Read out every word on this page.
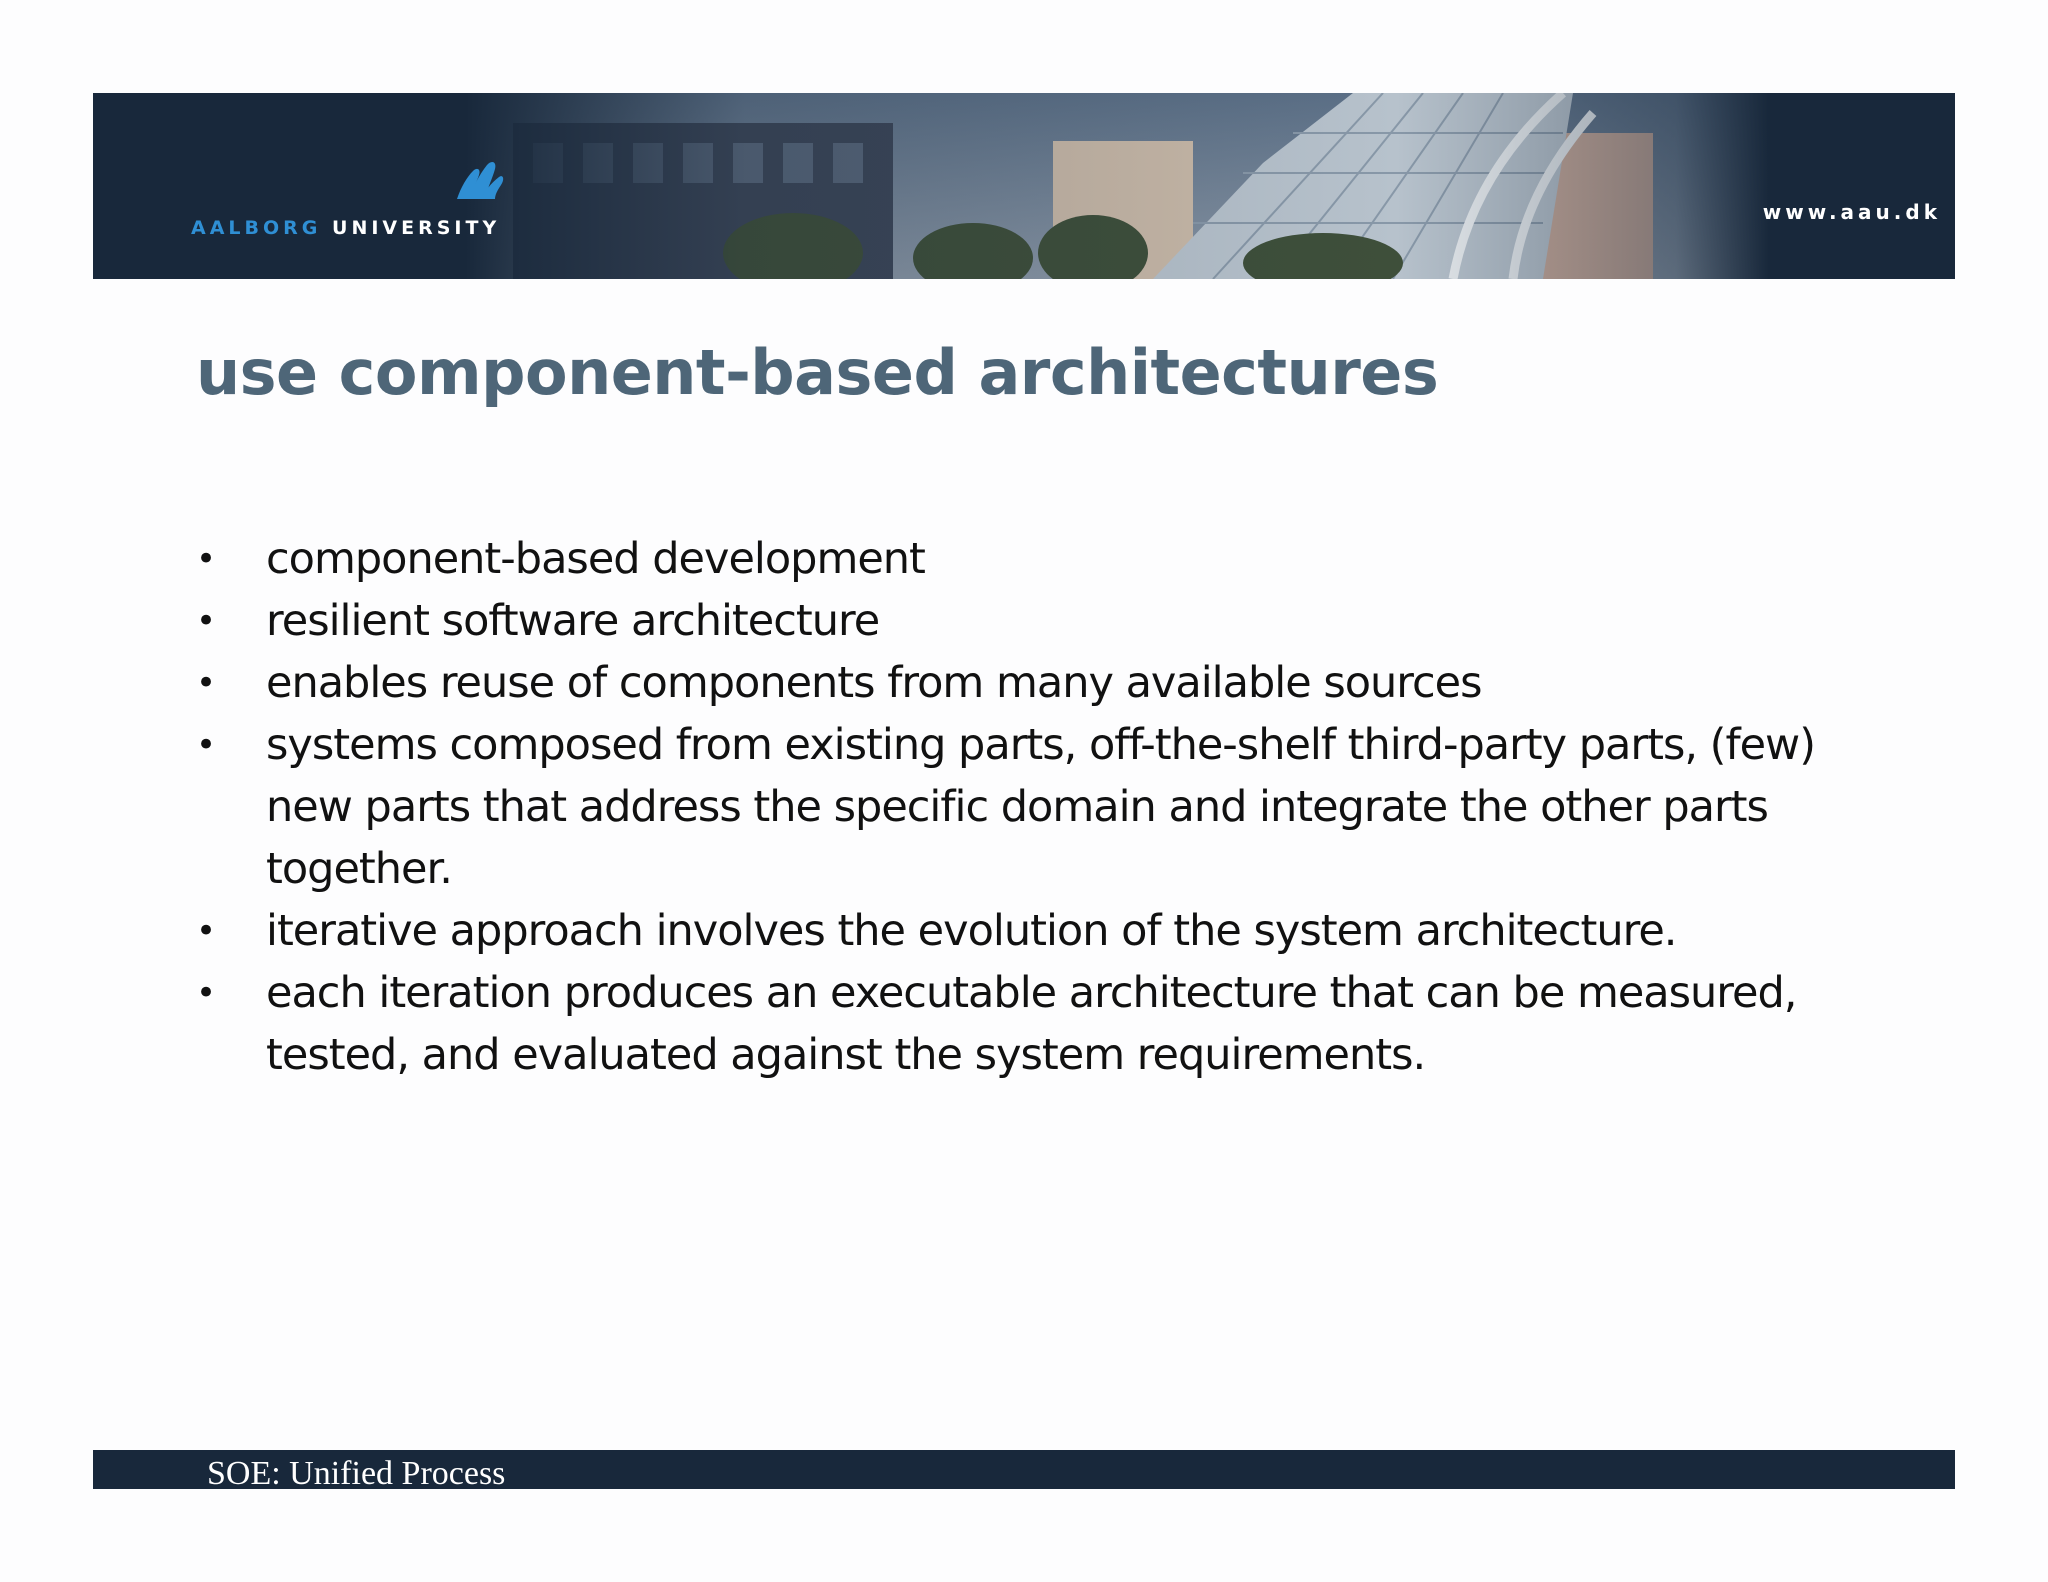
AALBORG UNIVERSITY
www.aau.dk
use component-based architectures
• component-based development
• resilient software architecture
• enables reuse of components from many available sources
• systems composed from existing parts, off-the-shelf third-party parts, (few) new parts that address the specific domain and integrate the other parts together.
• iterative approach involves the evolution of the system architecture.
• each iteration produces an executable architecture that can be measured, tested, and evaluated against the system requirements.
SOE: Unified Process
